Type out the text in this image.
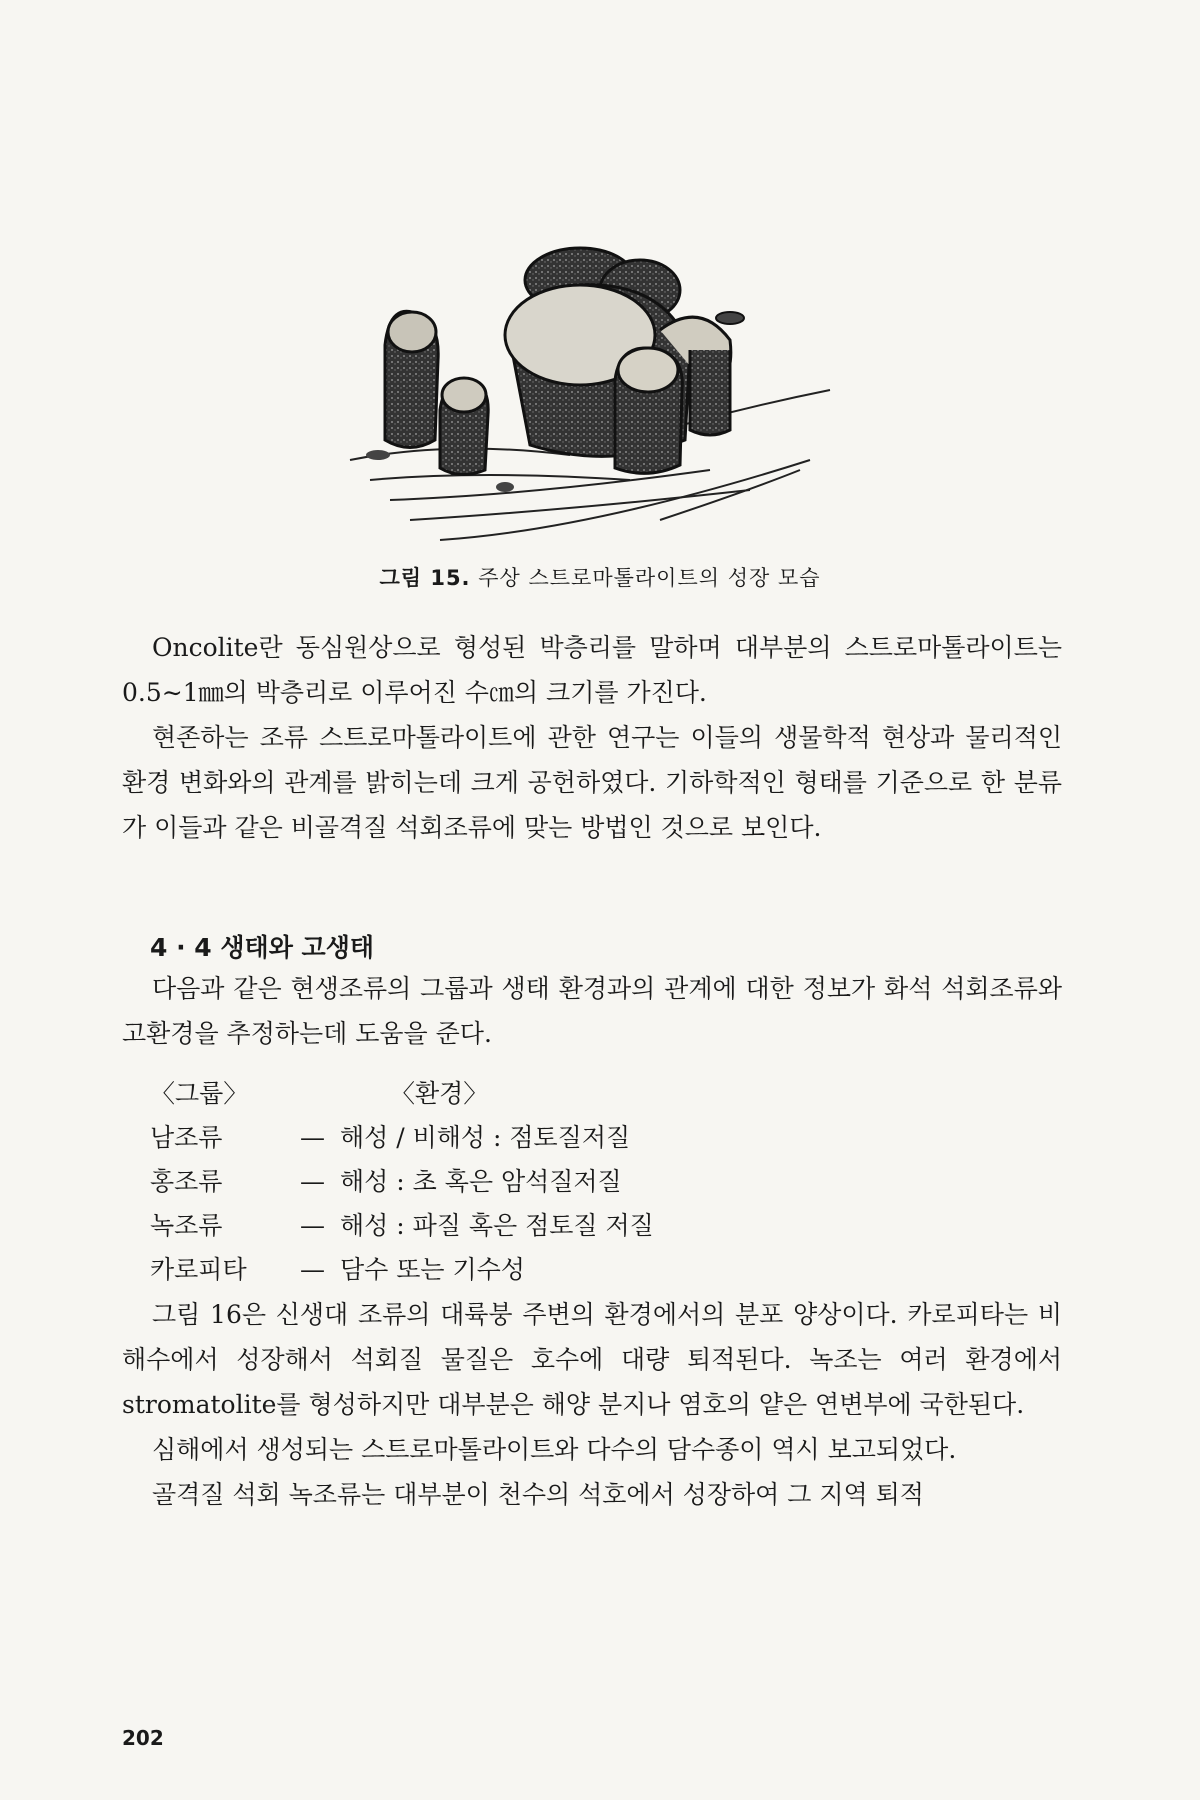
그림 15. 주상 스트로마톨라이트의 성장 모습

Oncolite란 동심원상으로 형성된 박층리를 말하며 대부분의 스트로마톨라이트는 0.5∼1㎜의 박층리로 이루어진 수㎝의 크기를 가진다.

현존하는 조류 스트로마톨라이트에 관한 연구는 이들의 생물학적 현상과 물리적인 환경 변화와의 관계를 밝히는데 크게 공헌하였다. 기하학적인 형태를 기준으로 한 분류가 이들과 같은 비골격질 석회조류에 맞는 방법인 것으로 보인다.

4 · 4 생태와 고생태

다음과 같은 현생조류의 그룹과 생태 환경과의 관계에 대한 정보가 화석 석회조류와 고환경을 추정하는데 도움을 준다.

〈그룹〉	〈환경〉
남조류	— 해성 / 비해성 : 점토질저질
홍조류	— 해성 : 초 혹은 암석질저질
녹조류	— 해성 : 파질 혹은 점토질 저질
카로피타	— 담수 또는 기수성

그림 16은 신생대 조류의 대륙붕 주변의 환경에서의 분포 양상이다. 카로피타는 비해수에서 성장해서 석회질 물질은 호수에 대량 퇴적된다. 녹조는 여러 환경에서 stromatolite를 형성하지만 대부분은 해양 분지나 염호의 얕은 연변부에 국한된다.

심해에서 생성되는 스트로마톨라이트와 다수의 담수종이 역시 보고되었다.

골격질 석회 녹조류는 대부분이 천수의 석호에서 성장하여 그 지역 퇴적

202
